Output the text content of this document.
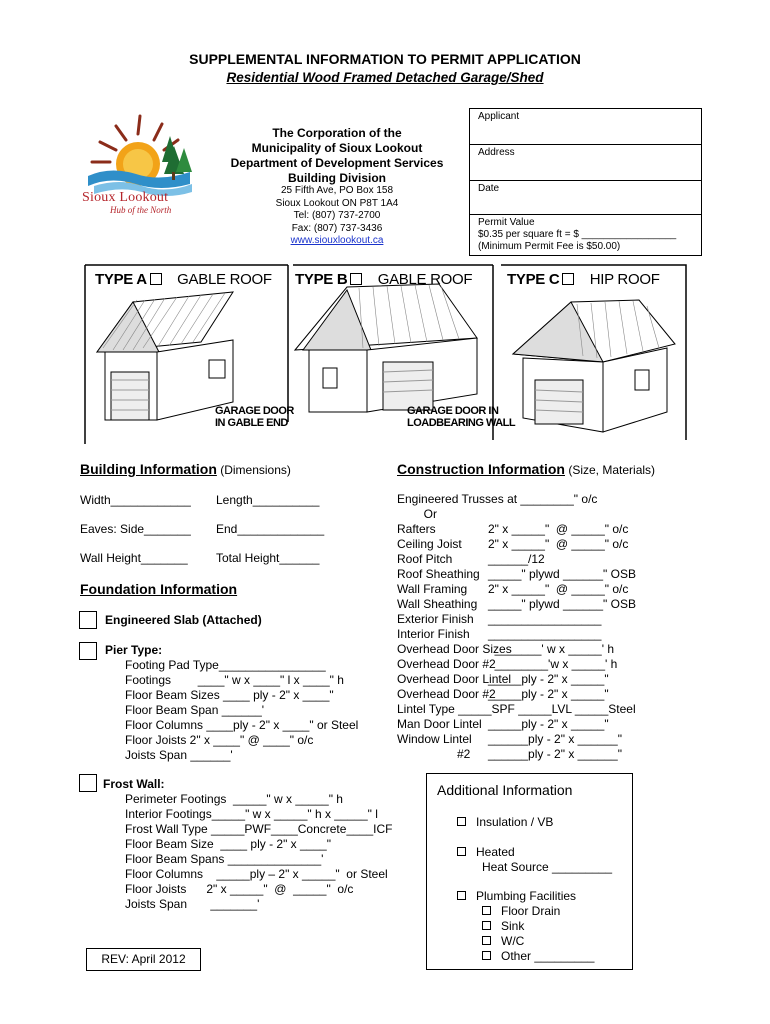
SUPPLEMENTAL INFORMATION TO PERMIT APPLICATION
Residential Wood Framed Detached Garage/Shed
Sioux Lookout
Hub of the North
The Corporation of the
Municipality of Sioux Lookout
Department of Development Services
Building Division
25 Fifth Ave, PO Box 158
Sioux Lookout ON P8T 1A4
Tel: (807) 737-2700
Fax: (807) 737-3436
www.siouxlookout.ca
Applicant
Address
Date
Permit Value
$0.35 per square ft = $ _________________
(Minimum Permit Fee is $50.00)
TYPE A GABLE ROOF
GARAGE DOOR
IN GABLE END
TYPE B GABLE ROOF
GARAGE DOOR IN
LOADBEARING WALL
TYPE C HIP ROOF
Building Information (Dimensions)
Width____________ Length__________
Eaves: Side_______ End_____________
Wall Height_______ Total Height______
Foundation Information
Engineered Slab (Attached)
Pier Type:
Footing Pad Type________________
Footings        ____" w x ____" l x ____" h
Floor Beam Sizes ____ ply - 2" x ____"
Floor Beam Span ______'
Floor Columns ____ply - 2" x ____" or Steel
Floor Joists 2" x ____" @ ____" o/c
Joists Span ______'
Frost Wall:
Perimeter Footings  _____" w x _____" h
Interior Footings_____" w x _____" h x _____" l
Frost Wall Type _____PWF____Concrete____ICF
Floor Beam Size  ____ ply - 2" x ____"
Floor Beam Spans ______________'
Floor Columns    _____ply – 2" x _____"  or Steel
Floor Joists      2" x _____"  @  _____"  o/c
Joists Span       _______'
Construction Information (Size, Materials)
Engineered Trusses at ________" o/c
Or
Rafters	2" x _____"  @ _____" o/c
Ceiling Joist 2" x _____"  @ _____" o/c
Roof Pitch	______/12
Roof Sheathing _____" plywd ______" OSB
Wall Framing 2" x _____"  @ _____" o/c
Wall Sheathing _____" plywd ______" OSB
Exterior Finish _________________
Interior Finish _________________
Overhead Door Sizes
_______' w x _____' h
Overhead Door #2
________'w x _____' h
Overhead Door Lintel
_____ply - 2" x _____"
Overhead Door #2
_____ply - 2" x _____"
Lintel Type _____SPF _____LVL _____Steel
Man Door Lintel _____ply - 2" x _____"
Window Lintel ______ply - 2" x ______"
#2 ______ply - 2" x ______"
Additional Information
Insulation / VB
Heated
Heat Source _________
Plumbing Facilities
Floor Drain
Sink
W/C
Other _________
REV: April 2012
